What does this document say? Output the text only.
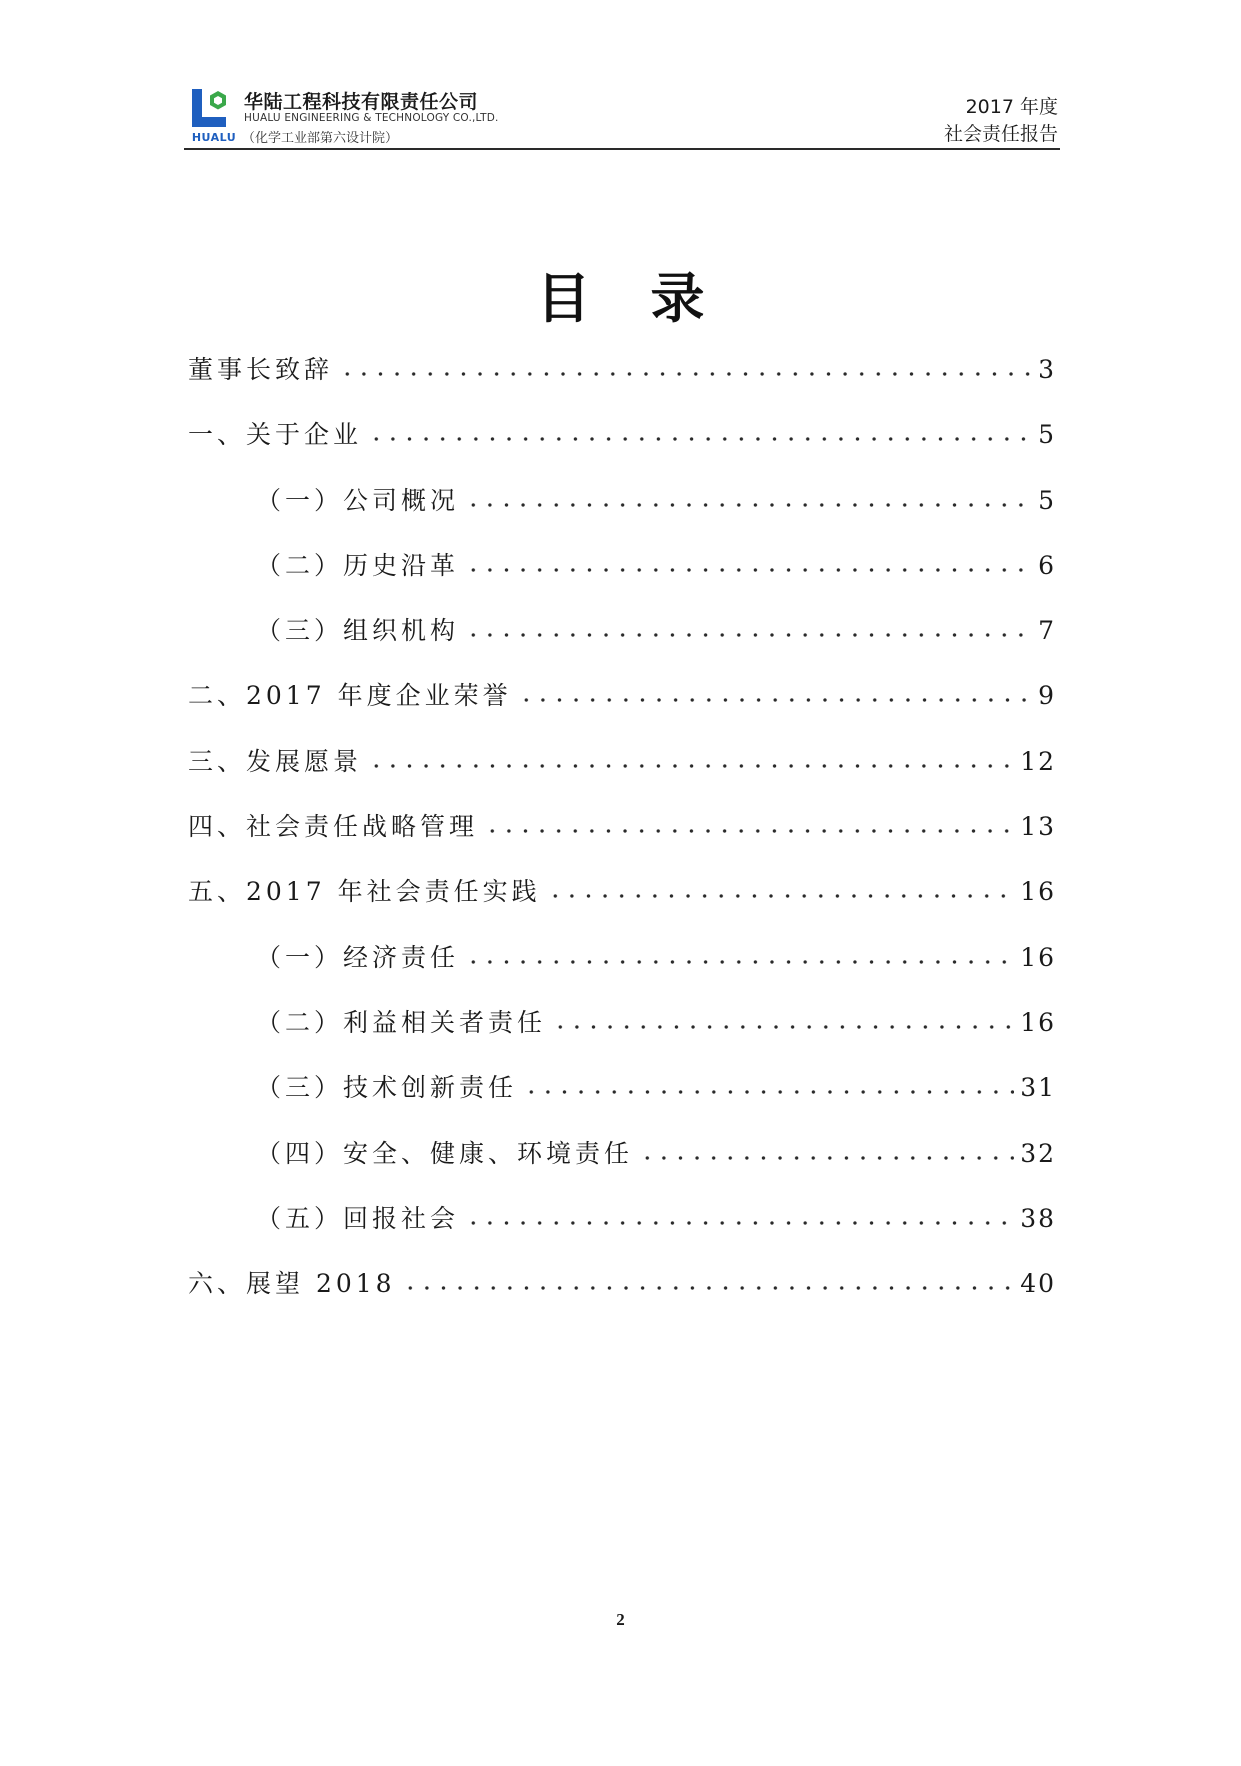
HUALU
华陆工程科技有限责任公司
HUALU ENGINEERING & TECHNOLOGY CO.,LTD.
（化学工业部第六设计院）
2017 年度
社会责任报告
目录
董事长致辞	3
一、关于企业	5
（一）公司概况	5
（二）历史沿革	6
（三）组织机构	7
二、2017 年度企业荣誉	9
三、发展愿景	12
四、社会责任战略管理	13
五、2017 年社会责任实践	16
（一）经济责任	16
（二）利益相关者责任	16
（三）技术创新责任	31
（四）安全、健康、环境责任	32
（五）回报社会	38
六、展望 2018	40
2
